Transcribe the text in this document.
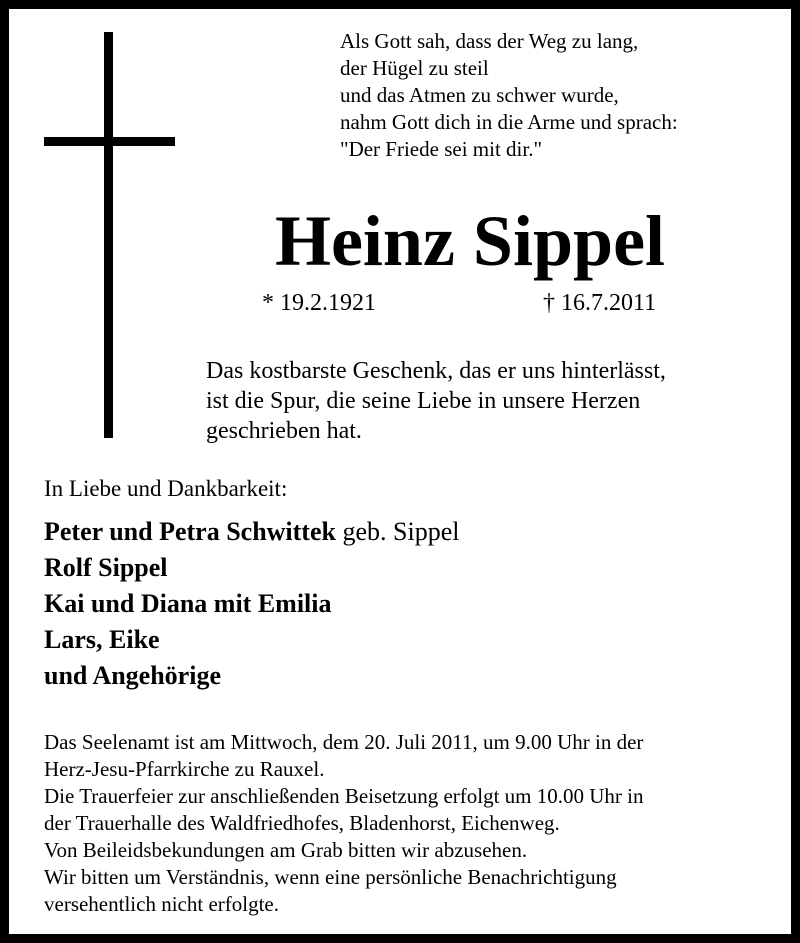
Als Gott sah, dass der Weg zu lang,
der Hügel zu steil
und das Atmen zu schwer wurde,
nahm Gott dich in die Arme und sprach:
"Der Friede sei mit dir."
Heinz Sippel
* 19.2.1921	† 16.7.2011
Das kostbarste Geschenk, das er uns hinterlässt,
ist die Spur, die seine Liebe in unsere Herzen
geschrieben hat.
In Liebe und Dankbarkeit:
Peter und Petra Schwittek geb. Sippel
Rolf Sippel
Kai und Diana mit Emilia
Lars, Eike
und Angehörige
Das Seelenamt ist am Mittwoch, dem 20. Juli 2011, um 9.00 Uhr in der
Herz-Jesu-Pfarrkirche zu Rauxel.
Die Trauerfeier zur anschließenden Beisetzung erfolgt um 10.00 Uhr in
der Trauerhalle des Waldfriedhofes, Bladenhorst, Eichenweg.
Von Beileidsbekundungen am Grab bitten wir abzusehen.
Wir bitten um Verständnis, wenn eine persönliche Benachrichtigung
versehentlich nicht erfolgte.
